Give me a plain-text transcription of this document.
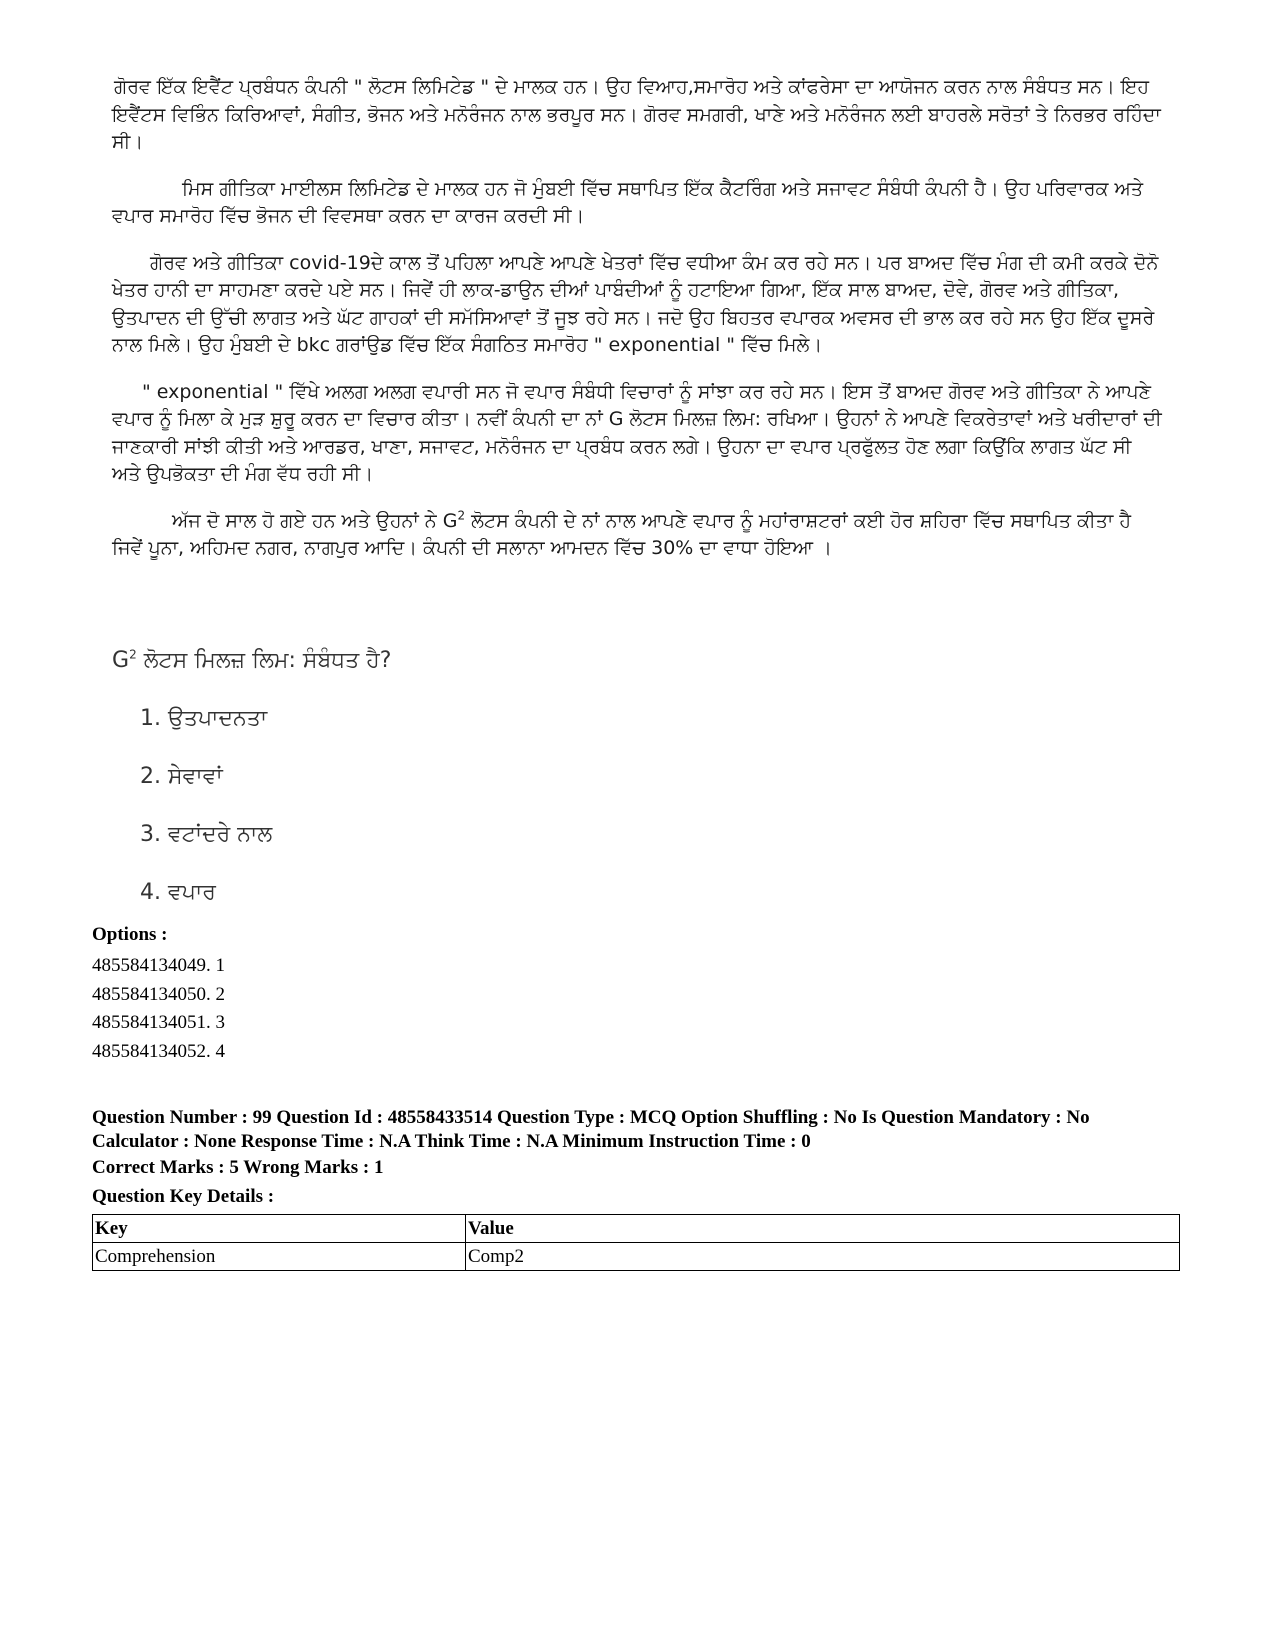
ਗੋਰਵ ਇੱਕ ਇਵੈਂਟ ਪ੍ਰਬੰਧਨ ਕੰਪਨੀ " ਲੋਟਸ ਲਿਮਿਟੇਡ " ਦੇ ਮਾਲਕ ਹਨ। ਉਹ ਵਿਆਹ,ਸਮਾਰੋਹ ਅਤੇ ਕਾਂਫਰੇਸਾ ਦਾ ਆਯੋਜਨ ਕਰਨ ਨਾਲ ਸੰਬੰਧਤ ਸਨ। ਇਹ ਇਵੈਂਟਸ ਵਿਭਿੰਨ ਕਿਰਿਆਵਾਂ, ਸੰਗੀਤ, ਭੋਜਨ ਅਤੇ ਮਨੋਰੰਜਨ ਨਾਲ ਭਰਪੂਰ ਸਨ। ਗੋਰਵ ਸਮਗਰੀ, ਖਾਣੇ ਅਤੇ ਮਨੋਰੰਜਨ ਲਈ ਬਾਹਰਲੇ ਸਰੋਤਾਂ ਤੇ ਨਿਰਭਰ ਰਹਿੰਦਾ ਸੀ।

ਮਿਸ ਗੀਤਿਕਾ ਮਾਈਲਸ ਲਿਮਿਟੇਡ ਦੇ ਮਾਲਕ ਹਨ ਜੋ ਮੁੰਬਈ ਵਿੱਚ ਸਥਾਪਿਤ ਇੱਕ ਕੈਟਰਿੰਗ ਅਤੇ ਸਜਾਵਟ ਸੰਬੰਧੀ ਕੰਪਨੀ ਹੈ। ਉਹ ਪਰਿਵਾਰਕ ਅਤੇ ਵਪਾਰ ਸਮਾਰੋਹ ਵਿੱਚ ਭੋਜਨ ਦੀ ਵਿਵਸਥਾ ਕਰਨ ਦਾ ਕਾਰਜ ਕਰਦੀ ਸੀ।

ਗੋਰਵ ਅਤੇ ਗੀਤਿਕਾ covid-19ਦੇ ਕਾਲ ਤੋਂ ਪਹਿਲਾ ਆਪਣੇ ਆਪਣੇ ਖੇਤਰਾਂ ਵਿੱਚ ਵਧੀਆ ਕੰਮ ਕਰ ਰਹੇ ਸਨ। ਪਰ ਬਾਅਦ ਵਿੱਚ ਮੰਗ ਦੀ ਕਮੀ ਕਰਕੇ ਦੋਨੋ ਖੇਤਰ ਹਾਨੀ ਦਾ ਸਾਹਮਣਾ ਕਰਦੇ ਪਏ ਸਨ। ਜਿਵੇਂ ਹੀ ਲਾਕ-ਡਾਉਨ ਦੀਆਂ ਪਾਬੰਦੀਆਂ ਨੂੰ ਹਟਾਇਆ ਗਿਆ, ਇੱਕ ਸਾਲ ਬਾਅਦ, ਦੋਵੇ, ਗੋਰਵ ਅਤੇ ਗੀਤਿਕਾ, ਉਤਪਾਦਨ ਦੀ ਉੱਚੀ ਲਾਗਤ ਅਤੇ ਘੱਟ ਗਾਹਕਾਂ ਦੀ ਸਮੱਸਿਆਵਾਂ ਤੋਂ ਜੂਝ ਰਹੇ ਸਨ। ਜਦੋ ਉਹ ਬਿਹਤਰ ਵਪਾਰਕ ਅਵਸਰ ਦੀ ਭਾਲ ਕਰ ਰਹੇ ਸਨ ਉਹ ਇੱਕ ਦੂਸਰੇ ਨਾਲ ਮਿਲੇ। ਉਹ ਮੁੰਬਈ ਦੇ bkc ਗਰਾਂਉਡ ਵਿੱਚ ਇੱਕ ਸੰਗਠਿਤ ਸਮਾਰੋਹ " exponential " ਵਿੱਚ ਮਿਲੇ।

" exponential " ਵਿੱਖੇ ਅਲਗ ਅਲਗ ਵਪਾਰੀ ਸਨ ਜੋ ਵਪਾਰ ਸੰਬੰਧੀ ਵਿਚਾਰਾਂ ਨੂੰ ਸਾਂਝਾ ਕਰ ਰਹੇ ਸਨ। ਇਸ ਤੋਂ ਬਾਅਦ ਗੋਰਵ ਅਤੇ ਗੀਤਿਕਾ ਨੇ ਆਪਣੇ ਵਪਾਰ ਨੂੰ ਮਿਲਾ ਕੇ ਮੁੜ ਸ਼ੁਰੂ ਕਰਨ ਦਾ ਵਿਚਾਰ ਕੀਤਾ। ਨਵੀਂ ਕੰਪਨੀ ਦਾ ਨਾਂ G ਲੋਟਸ ਮਿਲਜ਼ ਲਿਮ: ਰਖਿਆ। ਉਹਨਾਂ ਨੇ ਆਪਣੇ ਵਿਕਰੇਤਾਵਾਂ ਅਤੇ ਖਰੀਦਾਰਾਂ ਦੀ ਜਾਣਕਾਰੀ ਸਾਂਝੀ ਕੀਤੀ ਅਤੇ ਆਰਡਰ, ਖਾਣਾ, ਸਜਾਵਟ, ਮਨੋਰੰਜਨ ਦਾ ਪ੍ਰਬੰਧ ਕਰਨ ਲਗੇ। ਉਹਨਾ ਦਾ ਵਪਾਰ ਪ੍ਰਫੁੱਲਤ ਹੋਣ ਲਗਾ ਕਿਉਂਕਿ ਲਾਗਤ ਘੱਟ ਸੀ ਅਤੇ ਉਪਭੋਕਤਾ ਦੀ ਮੰਗ ਵੱਧ ਰਹੀ ਸੀ।

ਅੱਜ ਦੋ ਸਾਲ ਹੋ ਗਏ ਹਨ ਅਤੇ ਉਹਨਾਂ ਨੇ $G^2$ ਲੋਟਸ ਕੰਪਨੀ ਦੇ ਨਾਂ ਨਾਲ ਆਪਣੇ ਵਪਾਰ ਨੂੰ ਮਹਾਂਰਾਸ਼ਟਰਾਂ ਕਈ ਹੋਰ ਸ਼ਹਿਰਾ ਵਿੱਚ ਸਥਾਪਿਤ ਕੀਤਾ ਹੈ ਜਿਵੇਂ ਪੂਨਾ, ਅਹਿਮਦ ਨਗਰ, ਨਾਗਪੁਰ ਆਦਿ। ਕੰਪਨੀ ਦੀ ਸਲਾਨਾ ਆਮਦਨ ਵਿੱਚ 30% ਦਾ ਵਾਧਾ ਹੋਇਆ ।

$G^2$ ਲੋਟਸ ਮਿਲਜ਼ ਲਿਮ: ਸੰਬੰਧਤ ਹੈ?
1. ਉਤਪਾਦਨਤਾ
2. ਸੇਵਾਵਾਂ
3. ਵਟਾਂਦਰੇ ਨਾਲ
4. ਵਪਾਰ
Options :
485584134049. 1
485584134050. 2
485584134051. 3
485584134052. 4
Question Number : 99 Question Id : 48558433514 Question Type : MCQ Option Shuffling : No Is Question Mandatory : No Calculator : None Response Time : N.A Think Time : N.A Minimum Instruction Time : 0
Correct Marks : 5 Wrong Marks : 1
Question Key Details :
Key	Value
Comprehension	Comp2
